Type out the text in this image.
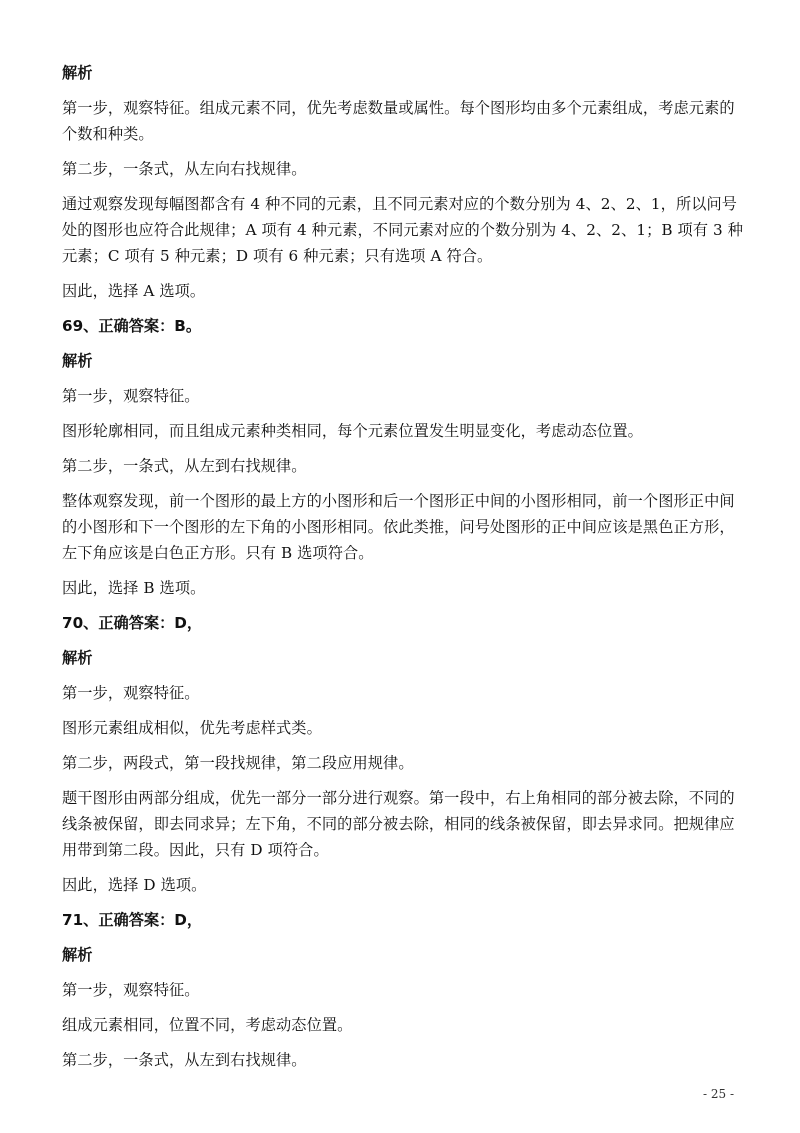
解析
第一步，观察特征。组成元素不同，优先考虑数量或属性。每个图形均由多个元素组成，考虑元素的个数和种类。
第二步，一条式，从左向右找规律。
通过观察发现每幅图都含有 4 种不同的元素，且不同元素对应的个数分别为 4、2、2、1，所以问号处的图形也应符合此规律；A 项有 4 种元素，不同元素对应的个数分别为 4、2、2、1；B 项有 3 种元素；C 项有 5 种元素；D 项有 6 种元素；只有选项 A 符合。
因此，选择 A 选项。
69、正确答案：B。
解析
第一步，观察特征。
图形轮廓相同，而且组成元素种类相同，每个元素位置发生明显变化，考虑动态位置。
第二步，一条式，从左到右找规律。
整体观察发现，前一个图形的最上方的小图形和后一个图形正中间的小图形相同，前一个图形正中间的小图形和下一个图形的左下角的小图形相同。依此类推，问号处图形的正中间应该是黑色正方形，左下角应该是白色正方形。只有 B 选项符合。
因此，选择 B 选项。
70、正确答案：D，
解析
第一步，观察特征。
图形元素组成相似，优先考虑样式类。
第二步，两段式，第一段找规律，第二段应用规律。
题干图形由两部分组成，优先一部分一部分进行观察。第一段中，右上角相同的部分被去除，不同的线条被保留，即去同求异；左下角，不同的部分被去除，相同的线条被保留，即去异求同。把规律应用带到第二段。因此，只有 D 项符合。
因此，选择 D 选项。
71、正确答案：D，
解析
第一步，观察特征。
组成元素相同，位置不同，考虑动态位置。
第二步，一条式，从左到右找规律。
- 25 -
